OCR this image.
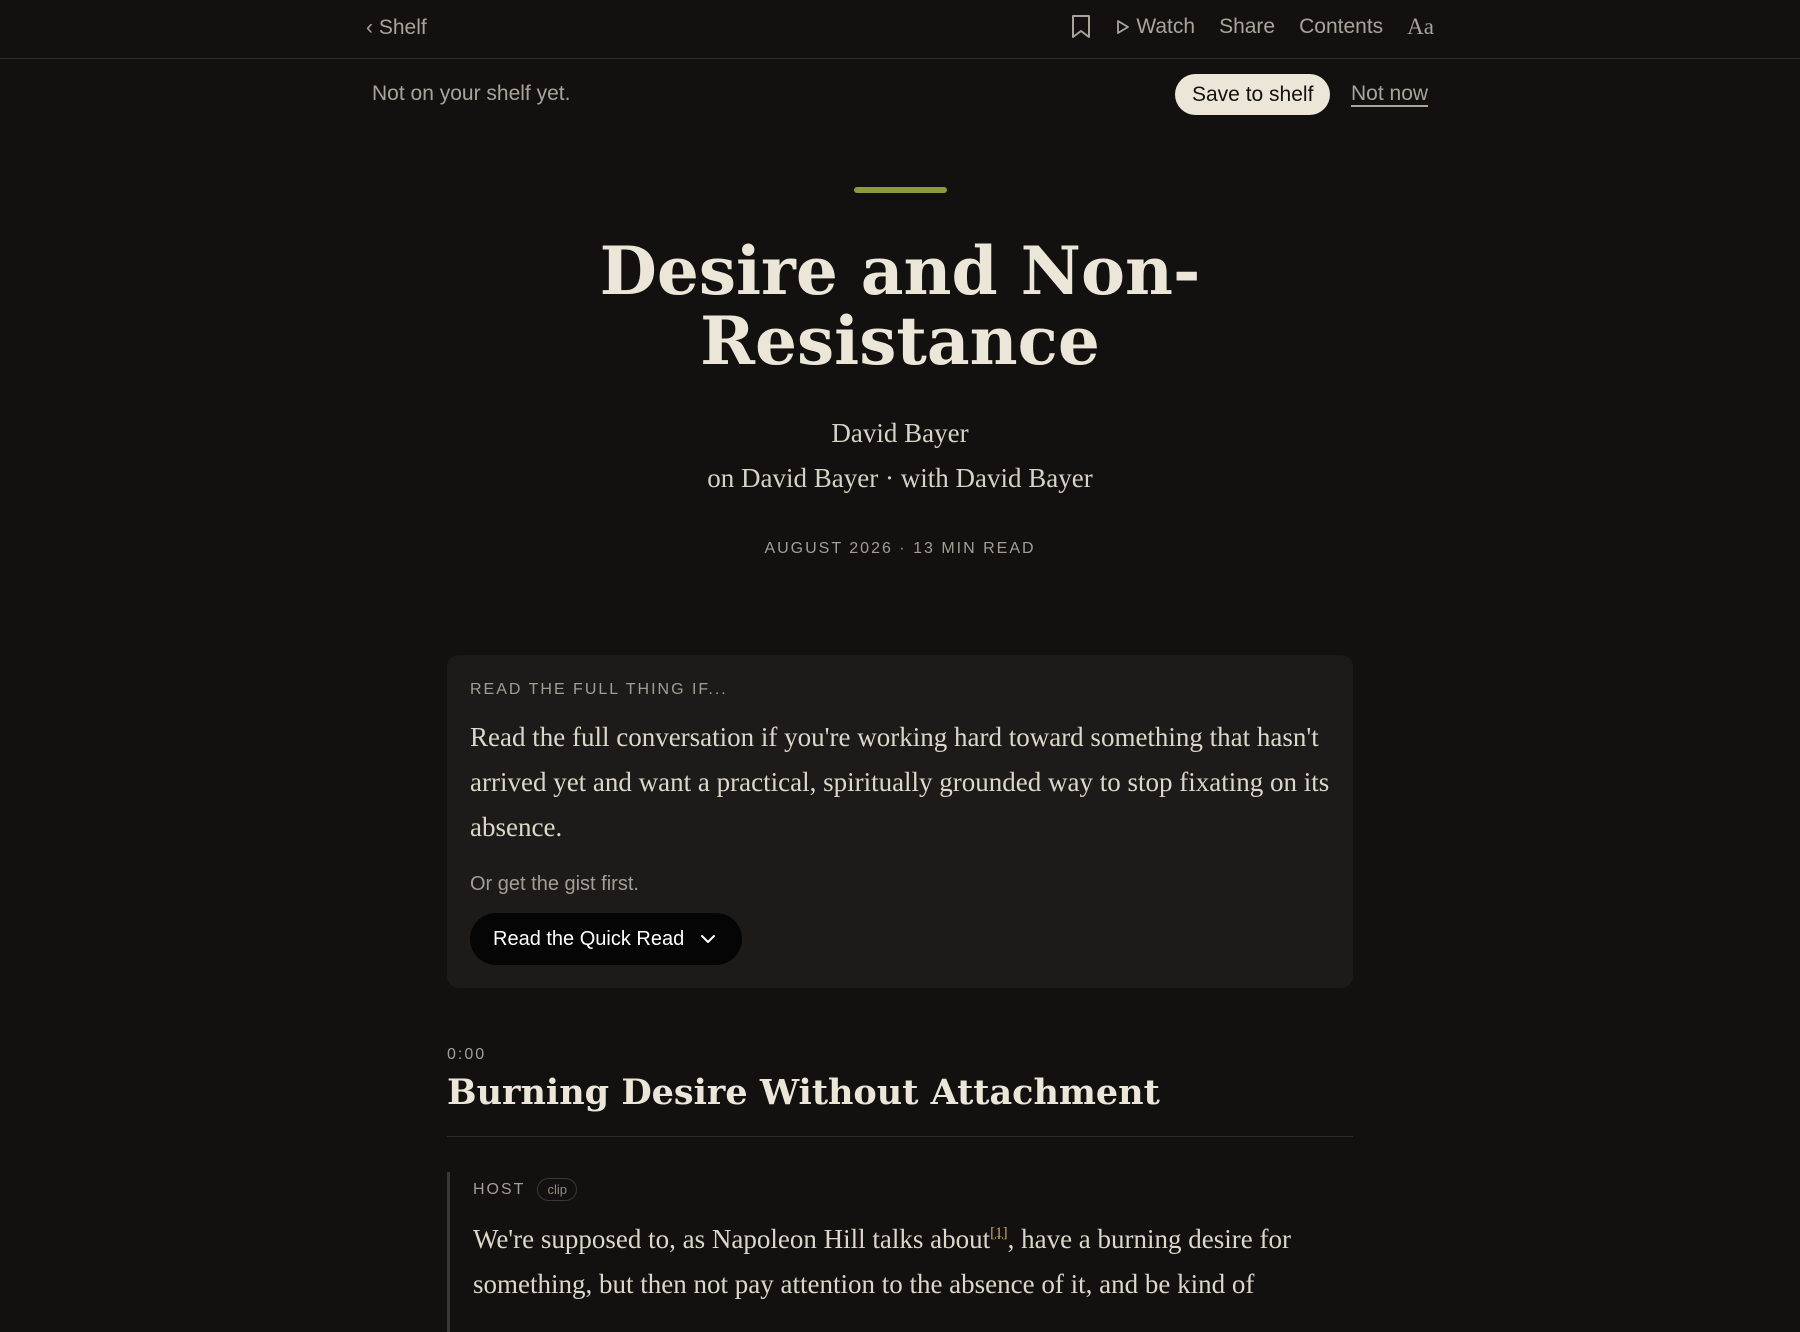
‹ Shelf	Watch Share Contents Aa
Not on your shelf yet.	Save to shelf	Not now
Desire and Non-Resistance
David Bayer
on David Bayer · with David Bayer
AUGUST 2026 · 13 MIN READ
READ THE FULL THING IF...
Read the full conversation if you're working hard toward something that hasn't arrived yet and want a practical, spiritually grounded way to stop fixating on its absence.
Or get the gist first.
Read the Quick Read
0:00
Burning Desire Without Attachment
HOST	clip

We're supposed to, as Napoleon Hill talks about[1], have a burning desire for something, but then not pay attention to the absence of it, and be kind of
